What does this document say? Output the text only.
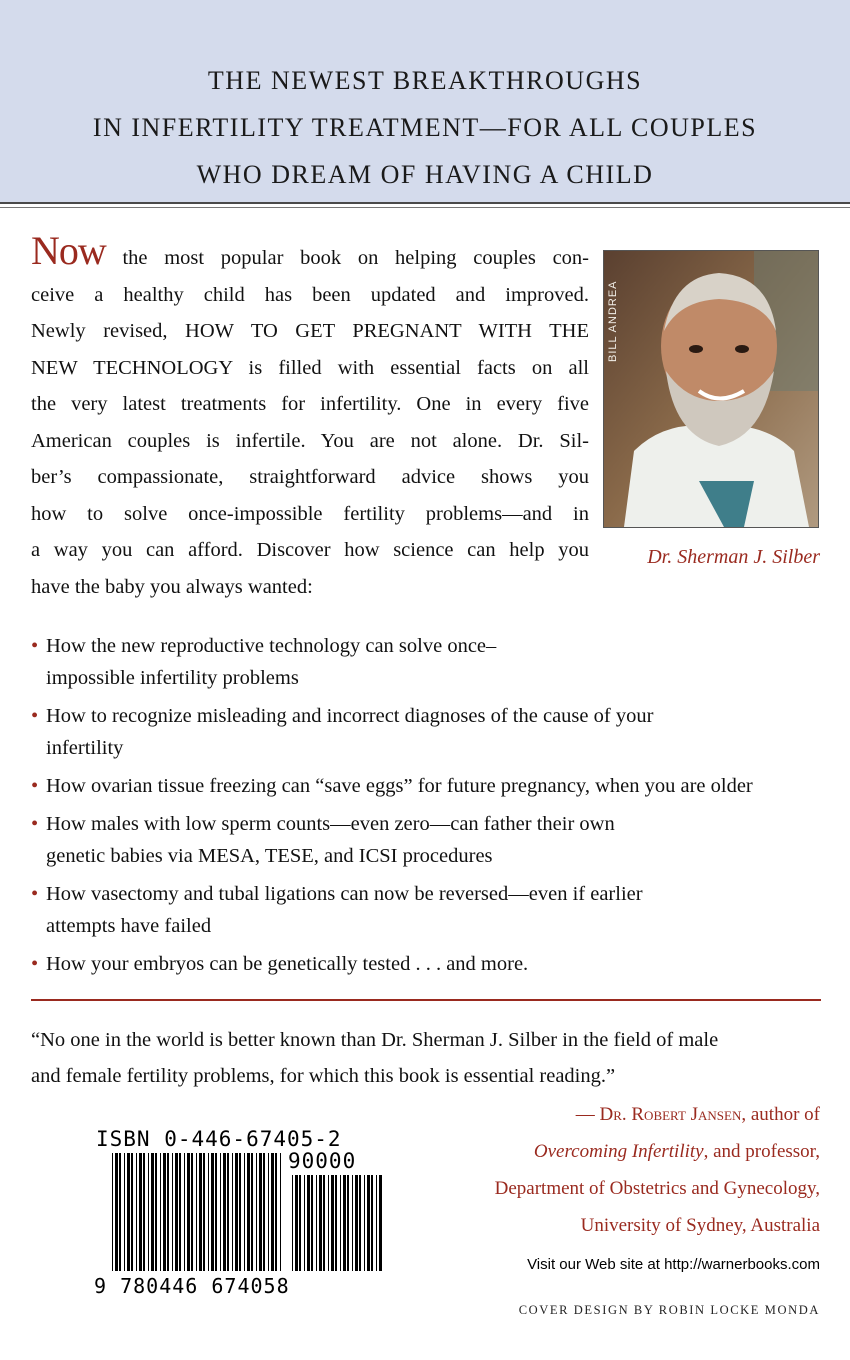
THE NEWEST BREAKTHROUGHS
IN INFERTILITY TREATMENT—FOR ALL COUPLES
WHO DREAM OF HAVING A CHILD
Now the most popular book on helping couples con-
ceive a healthy child has been updated and improved.
Newly revised, HOW TO GET PREGNANT WITH THE
NEW TECHNOLOGY is filled with essential facts on all
the very latest treatments for infertility. One in every five
American couples is infertile. You are not alone. Dr. Sil-
ber’s compassionate, straightforward advice shows you
how to solve once-impossible fertility problems—and in
a way you can afford. Discover how science can help you
have the baby you always wanted:
BILL ANDREA
Dr. Sherman J. Silber
• How the new reproductive technology can solve once–
impossible infertility problems
• How to recognize misleading and incorrect diagnoses of the cause of your
infertility
• How ovarian tissue freezing can “save eggs” for future pregnancy, when you are older
• How males with low sperm counts—even zero—can father their own
genetic babies via MESA, TESE, and ICSI procedures
• How vasectomy and tubal ligations can now be reversed—even if earlier
attempts have failed
• How your embryos can be genetically tested . . . and more.
“No one in the world is better known than Dr. Sherman J. Silber in the field of male
and female fertility problems, for which this book is essential reading.”
— Dr. Robert Jansen, author of
Overcoming Infertility, and professor,
Department of Obstetrics and Gynecology,
University of Sydney, Australia
ISBN 0-446-67405-2
90000
9 780446 674058
Visit our Web site at http://warnerbooks.com
COVER DESIGN BY ROBIN LOCKE MONDA
